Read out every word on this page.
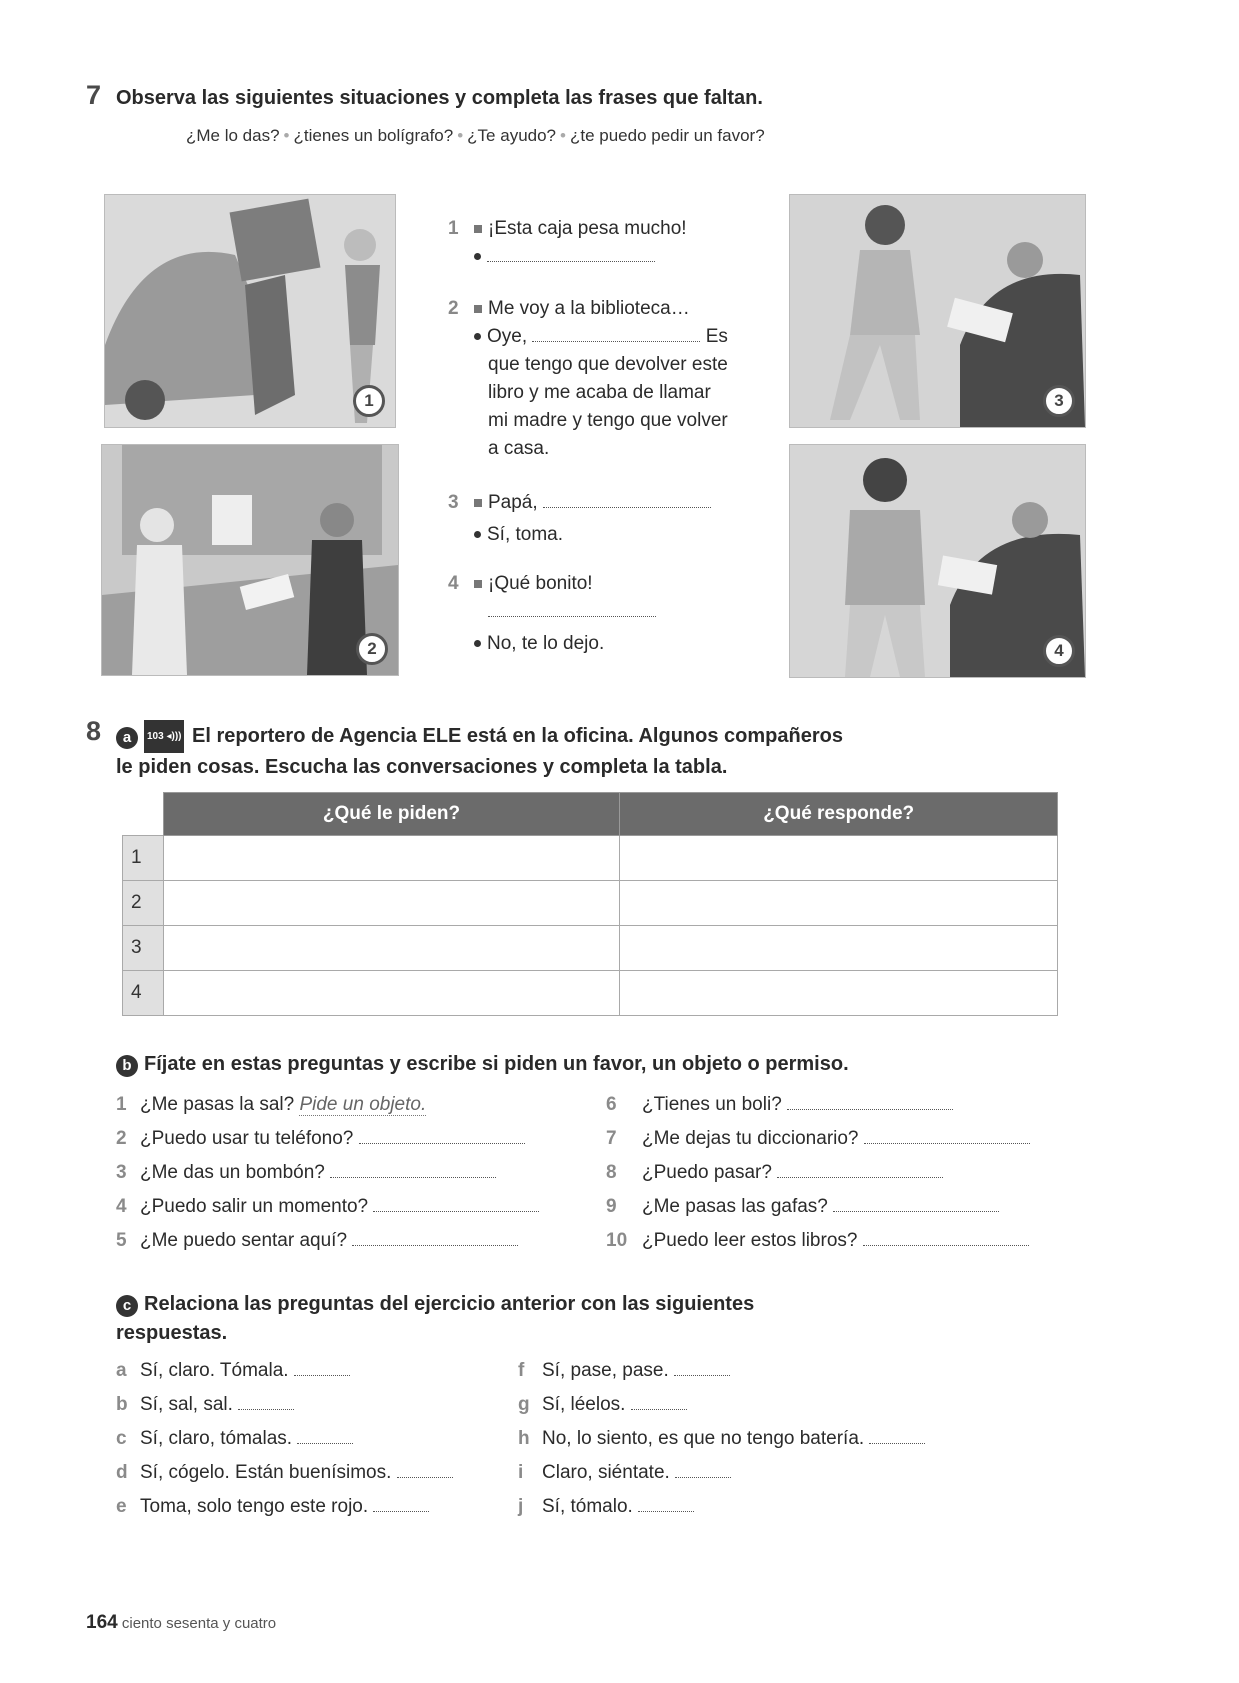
7 Observa las siguientes situaciones y completa las frases que faltan.
¿Me lo das? • ¿tienes un bolígrafo? • ¿Te ayudo? • ¿te puedo pedir un favor?
1
2
3
4
1 ¡Esta caja pesa mucho!
2 Me voy a la biblioteca…
Oye,	Es
que tengo que devolver este
libro y me acaba de llamar
mi madre y tengo que volver
a casa.
3 Papá,
Sí, toma.
4 ¡Qué bonito!
No, te lo dejo.
8	a 103 ◂))) El reportero de Agencia ELE está en la oficina. Algunos compañeros
le piden cosas. Escucha las conversaciones y completa la tabla.
	¿Qué le piden?	¿Qué responde?
1		
2		
3		
4		
b Fíjate en estas preguntas y escribe si piden un favor, un objeto o permiso.
1 ¿Me pasas la sal? Pide un objeto.
2 ¿Puedo usar tu teléfono?
3 ¿Me das un bombón?
4 ¿Puedo salir un momento?
5 ¿Me puedo sentar aquí?
6 ¿Tienes un boli?
7 ¿Me dejas tu diccionario?
8 ¿Puedo pasar?
9 ¿Me pasas las gafas?
10 ¿Puedo leer estos libros?
c Relaciona las preguntas del ejercicio anterior con las siguientes
respuestas.
a Sí, claro. Tómala.
b Sí, sal, sal.
c Sí, claro, tómalas.
d Sí, cógelo. Están buenísimos.
e Toma, solo tengo este rojo.
f Sí, pase, pase.
g Sí, léelos.
h No, lo siento, es que no tengo batería.
i Claro, siéntate.
j Sí, tómalo.
164 ciento sesenta y cuatro
